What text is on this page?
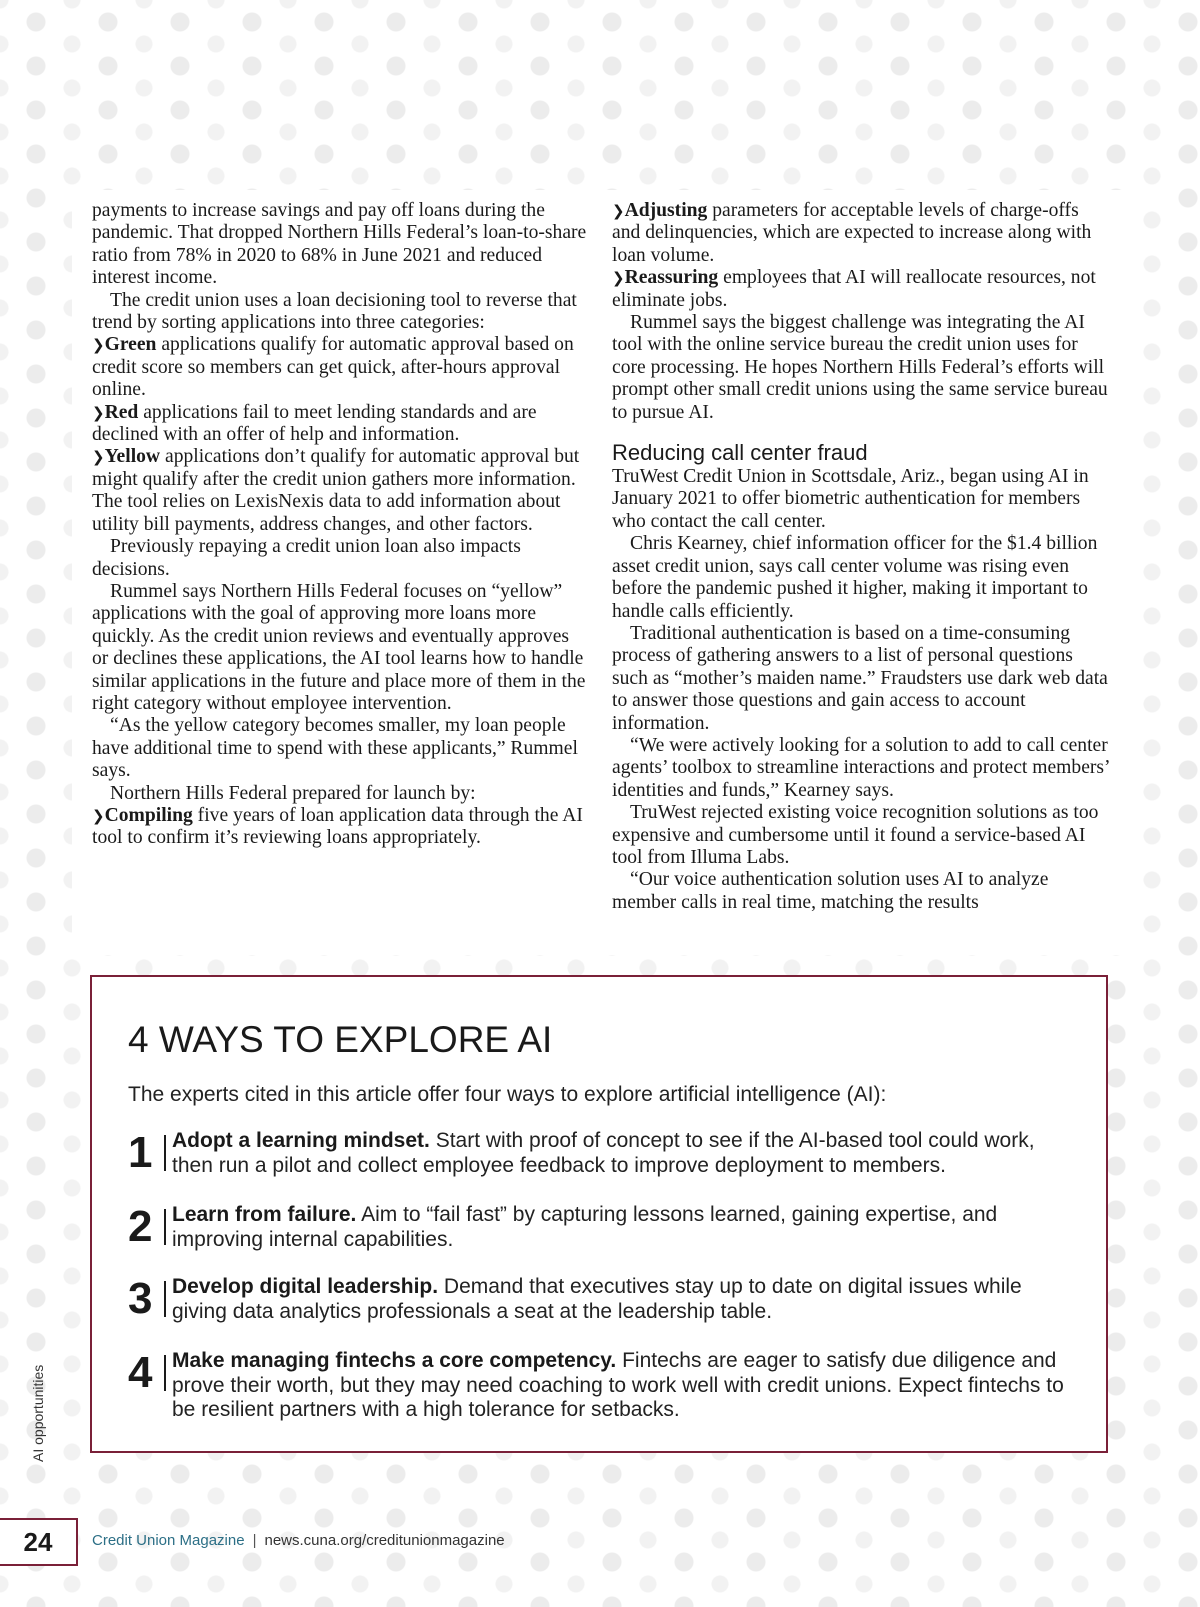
payments to increase savings and pay off loans during the pandemic. That dropped Northern Hills Federal’s loan-to-share ratio from 78% in 2020 to 68% in June 2021 and reduced interest income.

The credit union uses a loan decisioning tool to reverse that trend by sorting applications into three categories:

❯Green applications qualify for automatic approval based on credit score so members can get quick, after-hours approval online.

❯Red applications fail to meet lending standards and are declined with an offer of help and information.

❯Yellow applications don’t qualify for automatic approval but might qualify after the credit union gathers more information. The tool relies on LexisNexis data to add information about utility bill payments, address changes, and other factors.

Previously repaying a credit union loan also impacts decisions.

Rummel says Northern Hills Federal focuses on “yellow” applications with the goal of approving more loans more quickly. As the credit union reviews and eventually approves or declines these applications, the AI tool learns how to handle similar applications in the future and place more of them in the right category without employee intervention.

“As the yellow category becomes smaller, my loan people have additional time to spend with these applicants,” Rummel says.

Northern Hills Federal prepared for launch by:

❯Compiling five years of loan application data through the AI tool to confirm it’s reviewing loans appropriately.

❯Adjusting parameters for acceptable levels of charge-offs and delinquencies, which are expected to increase along with loan volume.

❯Reassuring employees that AI will reallocate resources, not eliminate jobs.

Rummel says the biggest challenge was integrating the AI tool with the online service bureau the credit union uses for core processing. He hopes Northern Hills Federal’s efforts will prompt other small credit unions using the same service bureau to pursue AI.

Reducing call center fraud

TruWest Credit Union in Scottsdale, Ariz., began using AI in January 2021 to offer biometric authentication for members who contact the call center.

Chris Kearney, chief information officer for the $1.4 billion asset credit union, says call center volume was rising even before the pandemic pushed it higher, making it important to handle calls efficiently.

Traditional authentication is based on a time-consuming process of gathering answers to a list of personal questions such as “mother’s maiden name.” Fraudsters use dark web data to answer those questions and gain access to account information.

“We were actively looking for a solution to add to call center agents’ toolbox to streamline interactions and protect members’ identities and funds,” Kearney says.

TruWest rejected existing voice recognition solutions as too expensive and cumbersome until it found a service-based AI tool from Illuma Labs.

“Our voice authentication solution uses AI to analyze member calls in real time, matching the results

4 WAYS TO EXPLORE AI

The experts cited in this article offer four ways to explore artificial intelligence (AI):

1 Adopt a learning mindset. Start with proof of concept to see if the AI-based tool could work, then run a pilot and collect employee feedback to improve deployment to members.
2 Learn from failure. Aim to “fail fast” by capturing lessons learned, gaining expertise, and improving internal capabilities.
3 Develop digital leadership. Demand that executives stay up to date on digital issues while giving data analytics professionals a seat at the leadership table.
4 Make managing fintechs a core competency. Fintechs are eager to satisfy due diligence and prove their worth, but they may need coaching to work well with credit unions. Expect fintechs to be resilient partners with a high tolerance for setbacks.
AI opportunities
24	Credit Union Magazine | news.cuna.org/creditunionmagazine
